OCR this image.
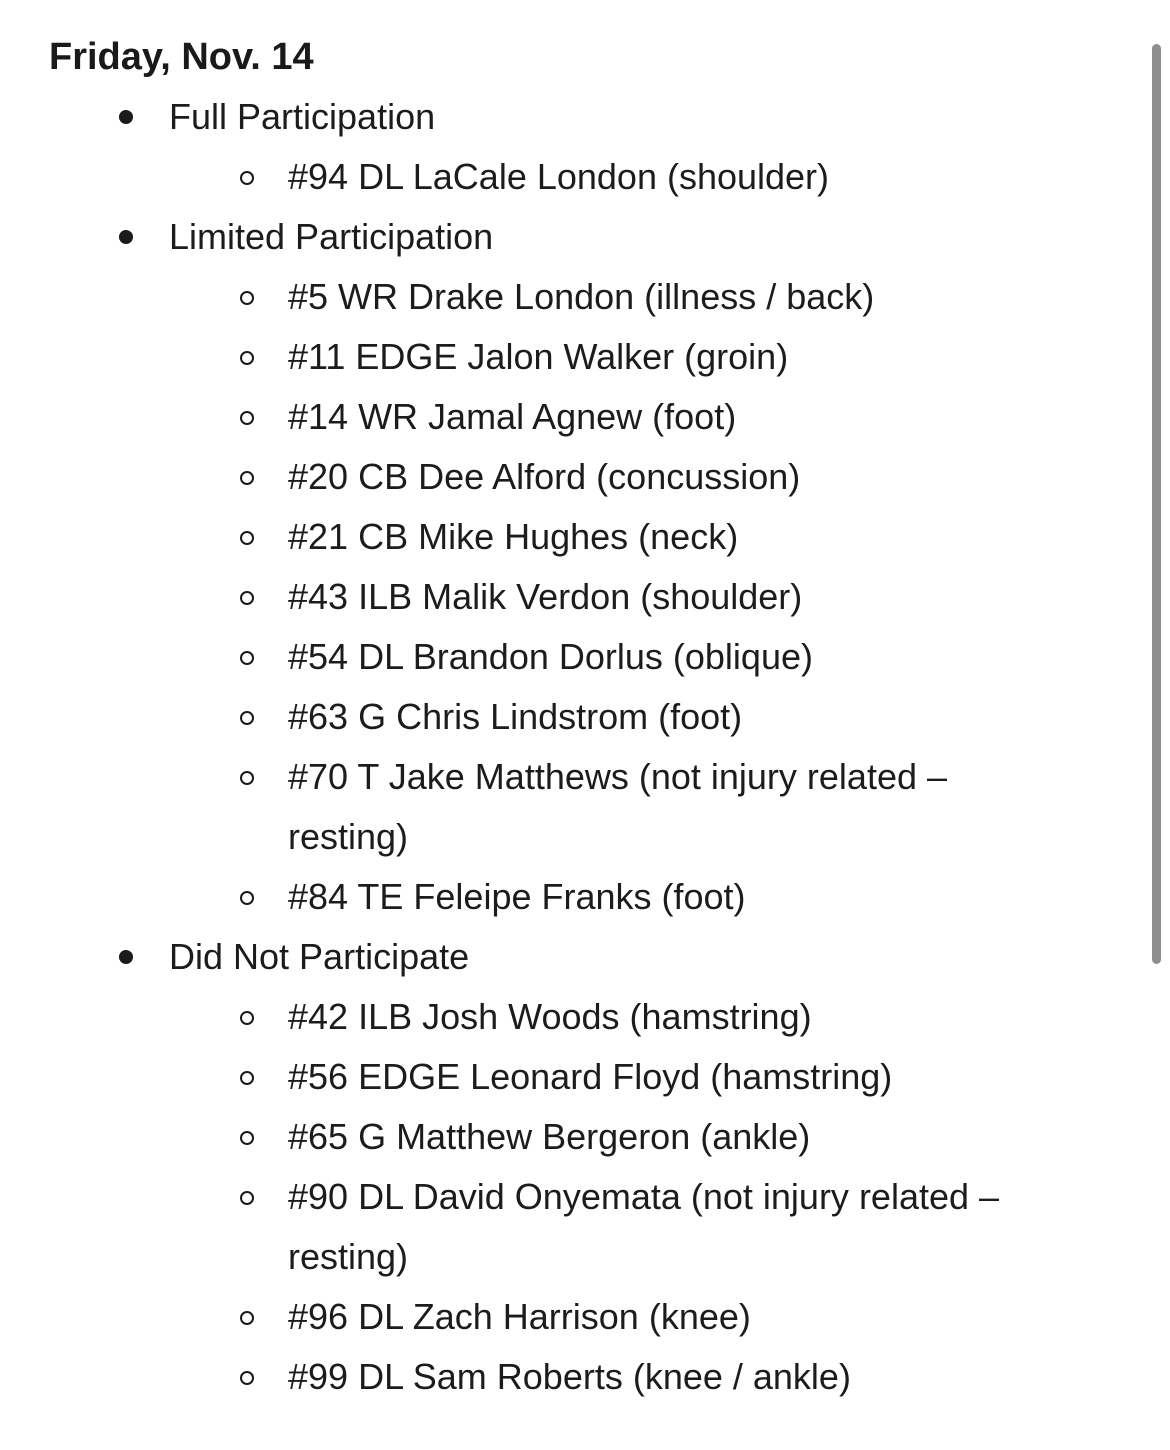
Friday, Nov. 14
Full Participation
#94 DL LaCale London (shoulder)
Limited Participation
#5 WR Drake London (illness / back)
#11 EDGE Jalon Walker (groin)
#14 WR Jamal Agnew (foot)
#20 CB Dee Alford (concussion)
#21 CB Mike Hughes (neck)
#43 ILB Malik Verdon (shoulder)
#54 DL Brandon Dorlus (oblique)
#63 G Chris Lindstrom (foot)
#70 T Jake Matthews (not injury related – resting)
#84 TE Feleipe Franks (foot)
Did Not Participate
#42 ILB Josh Woods (hamstring)
#56 EDGE Leonard Floyd (hamstring)
#65 G Matthew Bergeron (ankle)
#90 DL David Onyemata (not injury related – resting)
#96 DL Zach Harrison (knee)
#99 DL Sam Roberts (knee / ankle)
